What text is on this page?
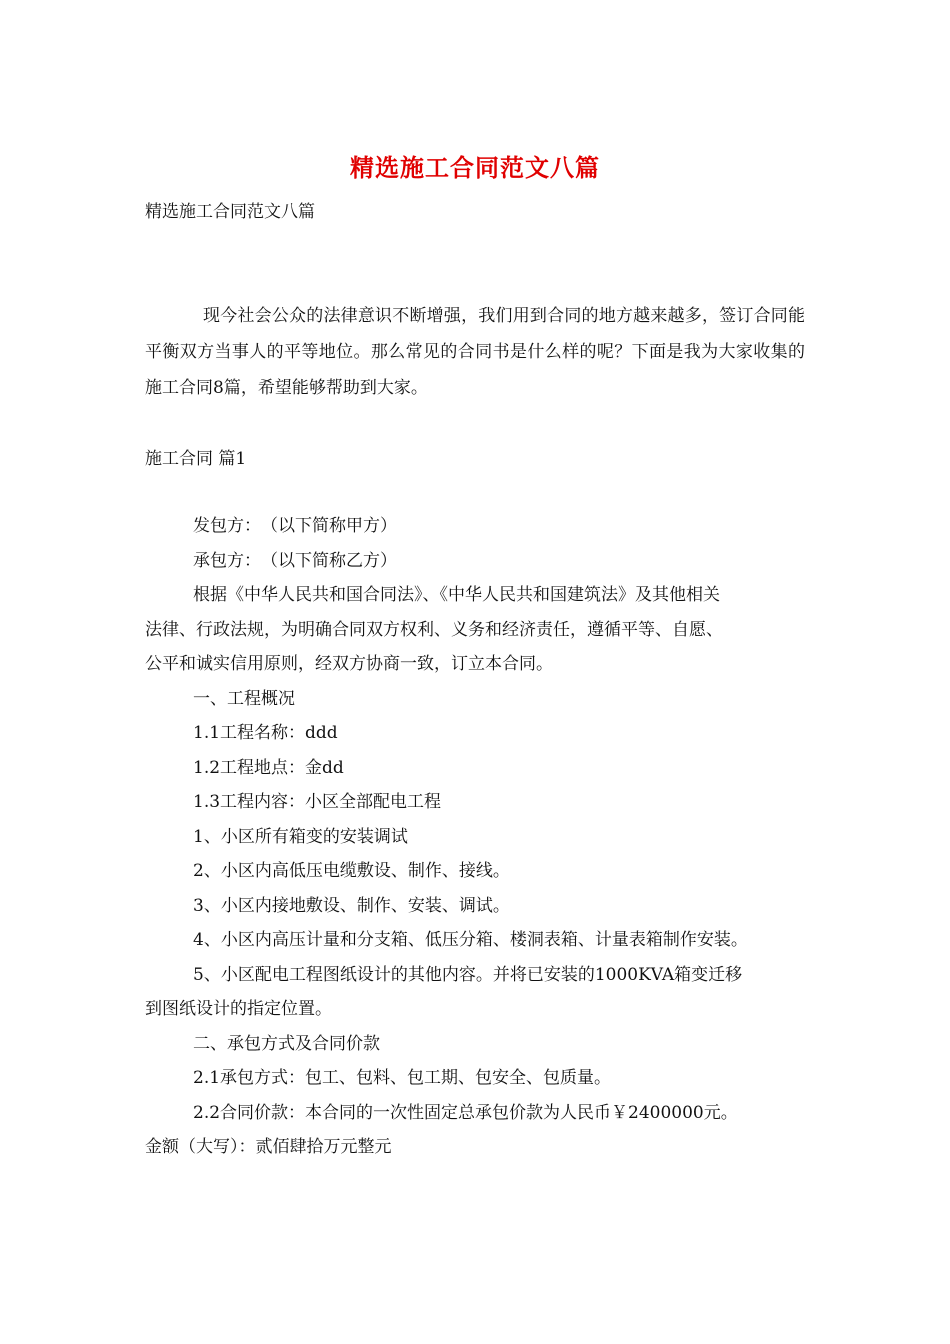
精选施工合同范文八篇
精选施工合同范文八篇
现今社会公众的法律意识不断增强，我们用到合同的地方越来越多，签订合同能平衡双方当事人的平等地位。那么常见的合同书是什么样的呢？下面是我为大家收集的施工合同8篇，希望能够帮助到大家。
施工合同 篇1

发包方：　（以下简称甲方）

承包方：　（以下简称乙方）

根据《中华人民共和国合同法》、《中华人民共和国建筑法》及其他相关

法律、行政法规，为明确合同双方权利、义务和经济责任，遵循平等、自愿、

公平和诚实信用原则，经双方协商一致，订立本合同。

一、工程概况

1.1工程名称：ddd

1.2工程地点：金dd

1.3工程内容：小区全部配电工程

1、小区所有箱变的安装调试

2、小区内高低压电缆敷设、制作、接线。

3、小区内接地敷设、制作、安装、调试。

4、小区内高压计量和分支箱、低压分箱、楼洞表箱、计量表箱制作安装。

5、小区配电工程图纸设计的其他内容。并将已安装的1000KVA箱变迁移

到图纸设计的指定位置。

二、承包方式及合同价款

2.1承包方式：包工、包料、包工期、包安全、包质量。

2.2合同价款：本合同的一次性固定总承包价款为人民币￥2400000元。

金额（大写）：贰佰肆拾万元整元
